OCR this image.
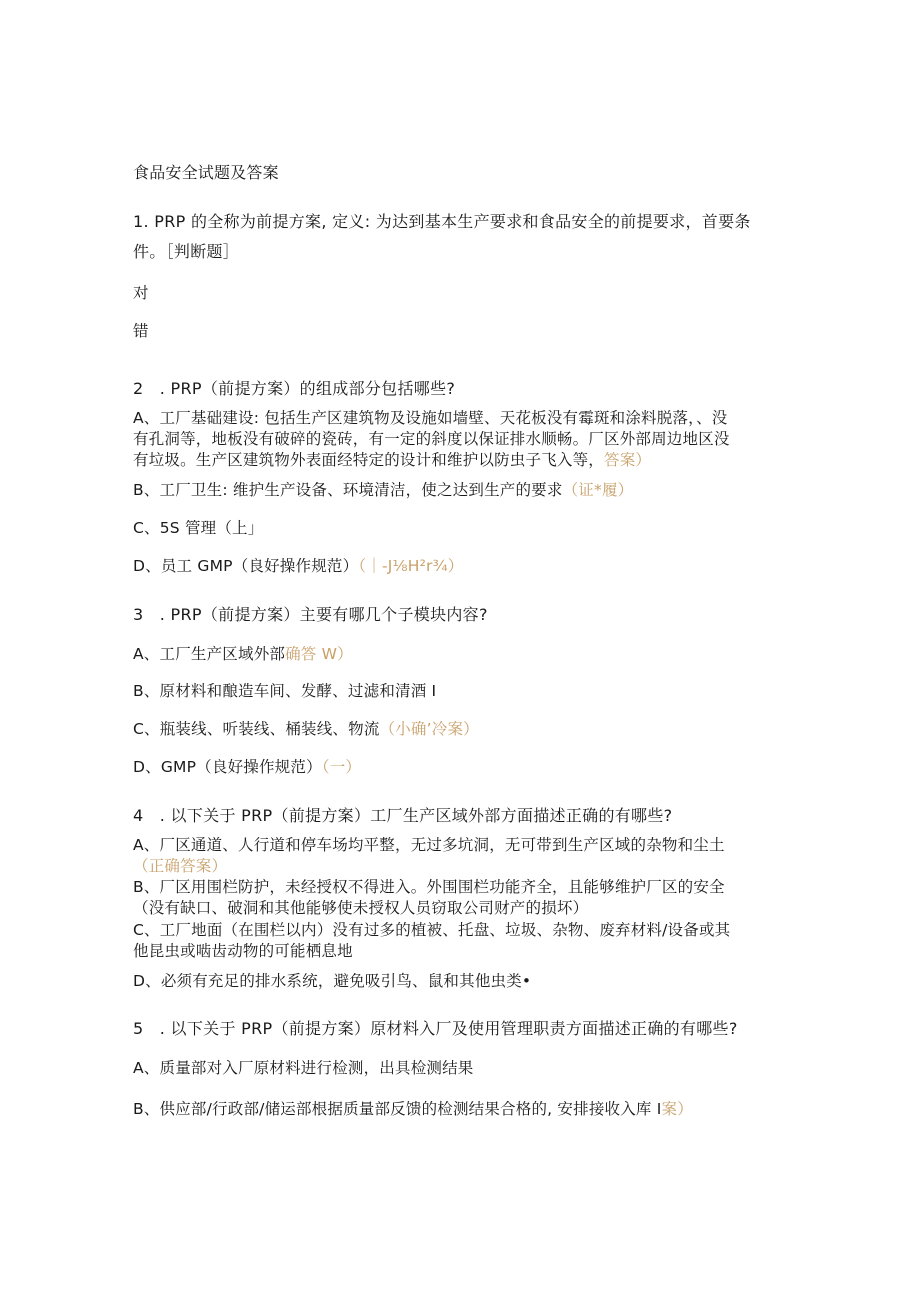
食品安全试题及答案
1. PRP 的全称为前提方案, 定义: 为达到基本生产要求和食品安全的前提要求，首要条
件。［判断题］
对
错
2　. PRP（前提方案）的组成部分包括哪些?
A、工厂基础建设: 包括生产区建筑物及设施如墙壁、天花板没有霉斑和涂料脱落，、没
有孔洞等，地板没有破碎的瓷砖，有一定的斜度以保证排水顺畅。厂区外部周边地区没
有垃圾。生产区建筑物外表面经特定的设计和维护以防虫子飞入等，答案）
B、工厂卫生: 维护生产设备、环境清洁，使之达到生产的要求（证*履）
C、5S 管理（上」
D、员工 GMP（良好操作规范）（｜-J⅛H²r¾）
3　. PRP（前提方案）主要有哪几个子模块内容?
A、工厂生产区域外部确答 W）
B、原材料和酿造车间、发酵、过滤和清酒 I
C、瓶装线、听装线、桶装线、物流（小确’冷案）
D、GMP（良好操作规范）（一）
4　. 以下关于 PRP（前提方案）工厂生产区域外部方面描述正确的有哪些?
A、厂区通道、人行道和停车场均平整，无过多坑洞，无可带到生产区域的杂物和尘土
（正确答案）
B、厂区用围栏防护，未经授权不得进入。外围围栏功能齐全，且能够维护厂区的安全
（没有缺口、破洞和其他能够使未授权人员窃取公司财产的损坏）
C、工厂地面（在围栏以内）没有过多的植被、托盘、垃圾、杂物、废弃材料/设备或其
他昆虫或啮齿动物的可能栖息地
D、必须有充足的排水系统，避免吸引鸟、鼠和其他虫类•
5　. 以下关于 PRP（前提方案）原材料入厂及使用管理职责方面描述正确的有哪些?
A、质量部对入厂原材料进行检测，出具检测结果
B、供应部/行政部/储运部根据质量部反馈的检测结果合格的, 安排接收入库 I案）
